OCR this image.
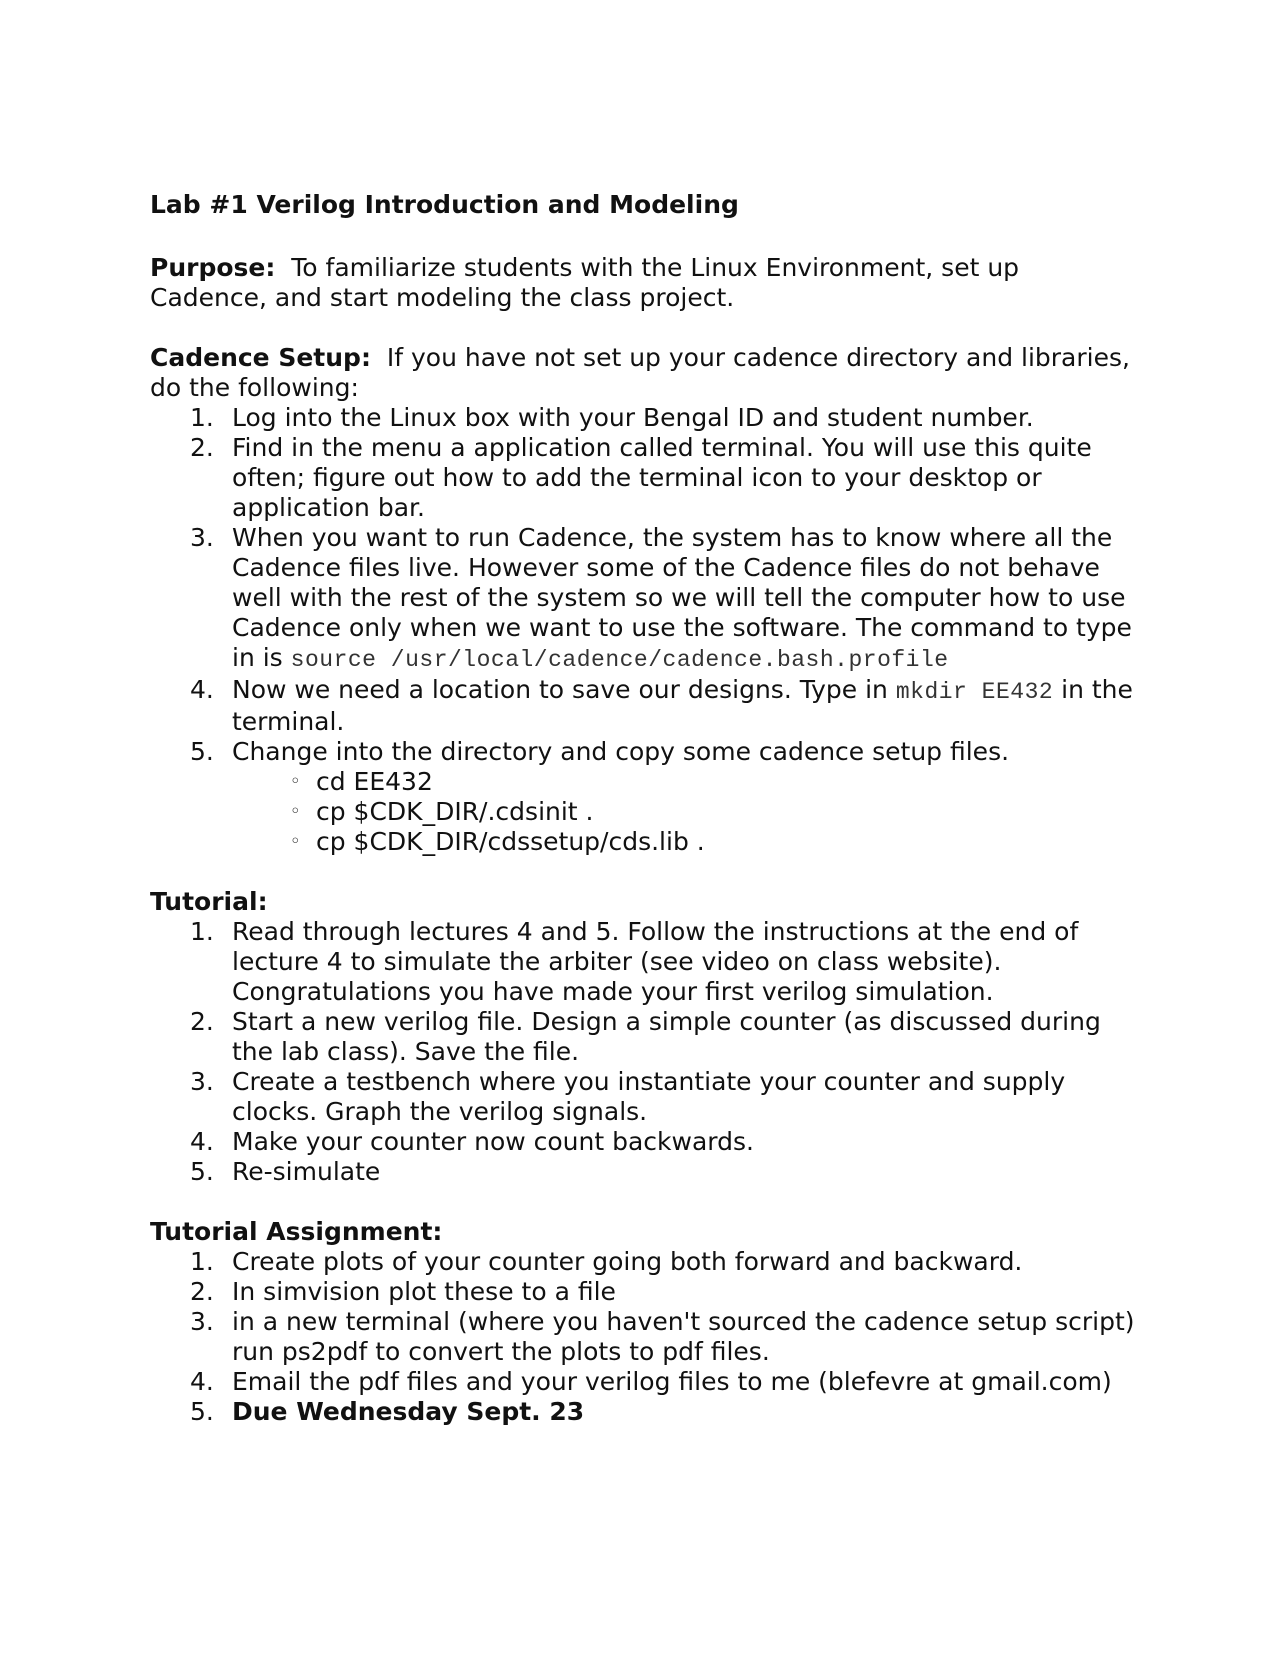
Lab #1 Verilog Introduction and Modeling

Purpose: To familiarize students with the Linux Environment, set up Cadence, and start modeling the class project.

Cadence Setup: If you have not set up your cadence directory and libraries, do the following:

1. Log into the Linux box with your Bengal ID and student number.
2. Find in the menu a application called terminal. You will use this quite often; figure out how to add the terminal icon to your desktop or application bar.
3. When you want to run Cadence, the system has to know where all the Cadence files live. However some of the Cadence files do not behave well with the rest of the system so we will tell the computer how to use Cadence only when we want to use the software. The command to type in is source /usr/local/cadence/cadence.bash.profile
4. Now we need a location to save our designs. Type in mkdir EE432 in the terminal.
5. Change into the directory and copy some cadence setup files.
◦ cd EE432
◦ cp $CDK_DIR/.cdsinit .
◦ cp $CDK_DIR/cdssetup/cds.lib .

Tutorial:

1. Read through lectures 4 and 5. Follow the instructions at the end of lecture 4 to simulate the arbiter (see video on class website). Congratulations you have made your first verilog simulation.
2. Start a new verilog file. Design a simple counter (as discussed during the lab class). Save the file.
3. Create a testbench where you instantiate your counter and supply clocks. Graph the verilog signals.
4. Make your counter now count backwards.
5. Re-simulate

Tutorial Assignment:

1. Create plots of your counter going both forward and backward.
2. In simvision plot these to a file
3. in a new terminal (where you haven't sourced the cadence setup script) run ps2pdf to convert the plots to pdf files.
4. Email the pdf files and your verilog files to me (blefevre at gmail.com)
5. Due Wednesday Sept. 23
